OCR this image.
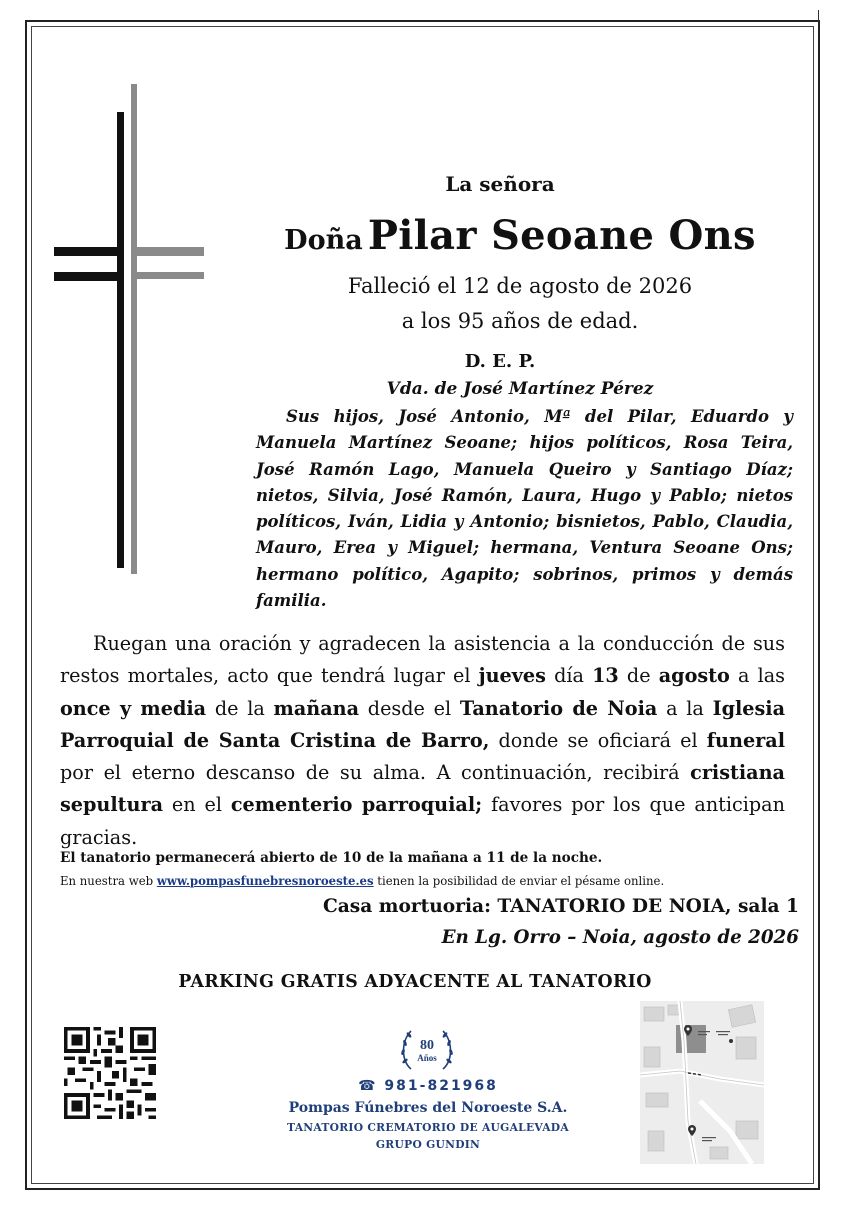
La señora
Doña Pilar Seoane Ons
Falleció el 12 de agosto de 2026
a los 95 años de edad.
D. E. P.
Vda. de José Martínez Pérez
Sus hijos, José Antonio, Mª del Pilar, Eduardo y Manuela Martínez Seoane; hijos políticos, Rosa Teira, José Ramón Lago, Manuela Queiro y Santiago Díaz; nietos, Silvia, José Ramón, Laura, Hugo y Pablo; nietos políticos, Iván, Lidia y Antonio; bisnietos, Pablo, Claudia, Mauro, Erea y Miguel; hermana, Ventura Seoane Ons; hermano político, Agapito; sobrinos, primos y demás familia.
Ruegan una oración y agradecen la asistencia a la conducción de sus restos mortales, acto que tendrá lugar el jueves día 13 de agosto a las once y media de la mañana desde el Tanatorio de Noia a la Iglesia Parroquial de Santa Cristina de Barro, donde se oficiará el funeral por el eterno descanso de su alma. A continuación, recibirá cristiana sepultura en el cementerio parroquial; favores por los que anticipan gracias.
El tanatorio permanecerá abierto de 10 de la mañana a 11 de la noche.
En nuestra web www.pompasfunebresnoroeste.es tienen la posibilidad de enviar el pésame online.
Casa mortuoria: TANATORIO DE NOIA, sala 1
En Lg. Orro – Noia, agosto de 2026
PARKING GRATIS ADYACENTE AL TANATORIO
80
Años
☎ 981-821968
Pompas Fúnebres del Noroeste S.A.
TANATORIO CREMATORIO DE AUGALEVADA
GRUPO GUNDIN
